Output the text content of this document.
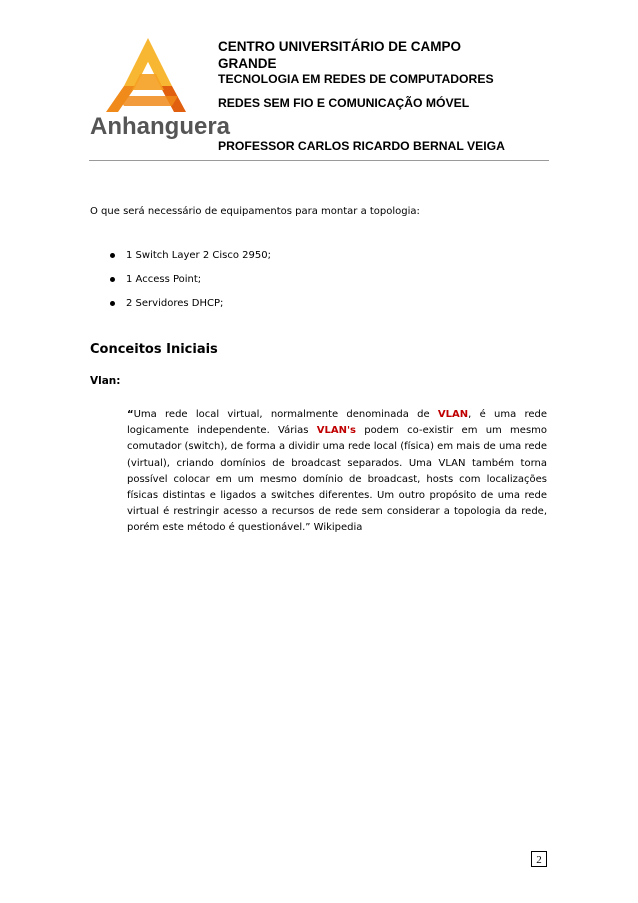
Anhanguera
CENTRO UNIVERSITÁRIO DE CAMPO
GRANDE
TECNOLOGIA EM REDES DE COMPUTADORES
REDES SEM FIO E COMUNICAÇÃO MÓVEL
PROFESSOR CARLOS RICARDO BERNAL VEIGA
O que será necessário de equipamentos para montar a topologia:
1 Switch Layer 2 Cisco 2950;
1 Access Point;
2 Servidores DHCP;
Conceitos Iniciais
Vlan:
“Uma rede local virtual, normalmente denominada de VLAN, é uma rede logicamente independente. Várias VLAN's podem co-existir em um mesmo comutador (switch), de forma a dividir uma rede local (física) em mais de uma rede (virtual), criando domínios de broadcast separados. Uma VLAN também torna possível colocar em um mesmo domínio de broadcast, hosts com localizações físicas distintas e ligados a switches diferentes. Um outro propósito de uma rede virtual é restringir acesso a recursos de rede sem considerar a topologia da rede, porém este método é questionável.” Wikipedia
2
